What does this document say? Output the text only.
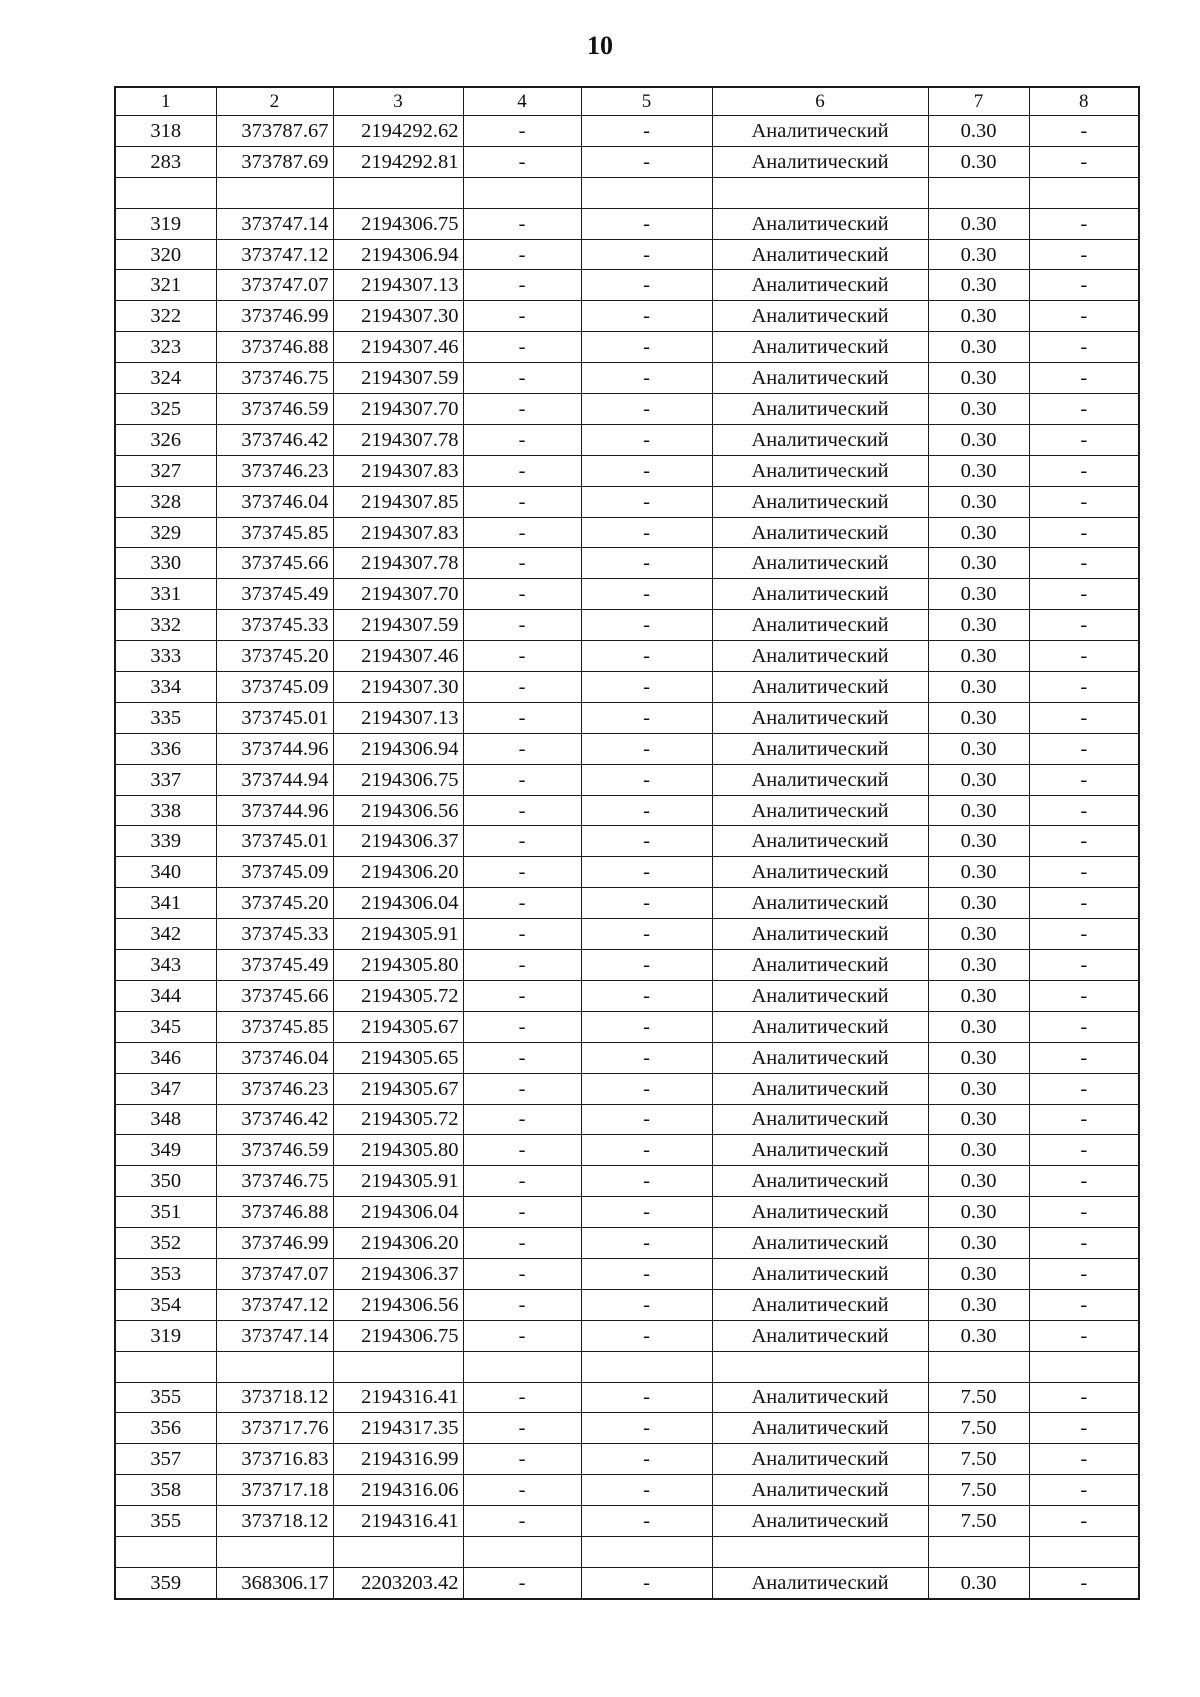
10
1	2	3	4	5	6	7	8
318	373787.67	2194292.62	-	-	Аналитический	0.30	-
283	373787.69	2194292.81	-	-	Аналитический	0.30	-

319	373747.14	2194306.75	-	-	Аналитический	0.30	-
320	373747.12	2194306.94	-	-	Аналитический	0.30	-
321	373747.07	2194307.13	-	-	Аналитический	0.30	-
322	373746.99	2194307.30	-	-	Аналитический	0.30	-
323	373746.88	2194307.46	-	-	Аналитический	0.30	-
324	373746.75	2194307.59	-	-	Аналитический	0.30	-
325	373746.59	2194307.70	-	-	Аналитический	0.30	-
326	373746.42	2194307.78	-	-	Аналитический	0.30	-
327	373746.23	2194307.83	-	-	Аналитический	0.30	-
328	373746.04	2194307.85	-	-	Аналитический	0.30	-
329	373745.85	2194307.83	-	-	Аналитический	0.30	-
330	373745.66	2194307.78	-	-	Аналитический	0.30	-
331	373745.49	2194307.70	-	-	Аналитический	0.30	-
332	373745.33	2194307.59	-	-	Аналитический	0.30	-
333	373745.20	2194307.46	-	-	Аналитический	0.30	-
334	373745.09	2194307.30	-	-	Аналитический	0.30	-
335	373745.01	2194307.13	-	-	Аналитический	0.30	-
336	373744.96	2194306.94	-	-	Аналитический	0.30	-
337	373744.94	2194306.75	-	-	Аналитический	0.30	-
338	373744.96	2194306.56	-	-	Аналитический	0.30	-
339	373745.01	2194306.37	-	-	Аналитический	0.30	-
340	373745.09	2194306.20	-	-	Аналитический	0.30	-
341	373745.20	2194306.04	-	-	Аналитический	0.30	-
342	373745.33	2194305.91	-	-	Аналитический	0.30	-
343	373745.49	2194305.80	-	-	Аналитический	0.30	-
344	373745.66	2194305.72	-	-	Аналитический	0.30	-
345	373745.85	2194305.67	-	-	Аналитический	0.30	-
346	373746.04	2194305.65	-	-	Аналитический	0.30	-
347	373746.23	2194305.67	-	-	Аналитический	0.30	-
348	373746.42	2194305.72	-	-	Аналитический	0.30	-
349	373746.59	2194305.80	-	-	Аналитический	0.30	-
350	373746.75	2194305.91	-	-	Аналитический	0.30	-
351	373746.88	2194306.04	-	-	Аналитический	0.30	-
352	373746.99	2194306.20	-	-	Аналитический	0.30	-
353	373747.07	2194306.37	-	-	Аналитический	0.30	-
354	373747.12	2194306.56	-	-	Аналитический	0.30	-
319	373747.14	2194306.75	-	-	Аналитический	0.30	-

355	373718.12	2194316.41	-	-	Аналитический	7.50	-
356	373717.76	2194317.35	-	-	Аналитический	7.50	-
357	373716.83	2194316.99	-	-	Аналитический	7.50	-
358	373717.18	2194316.06	-	-	Аналитический	7.50	-
355	373718.12	2194316.41	-	-	Аналитический	7.50	-

359	368306.17	2203203.42	-	-	Аналитический	0.30	-
